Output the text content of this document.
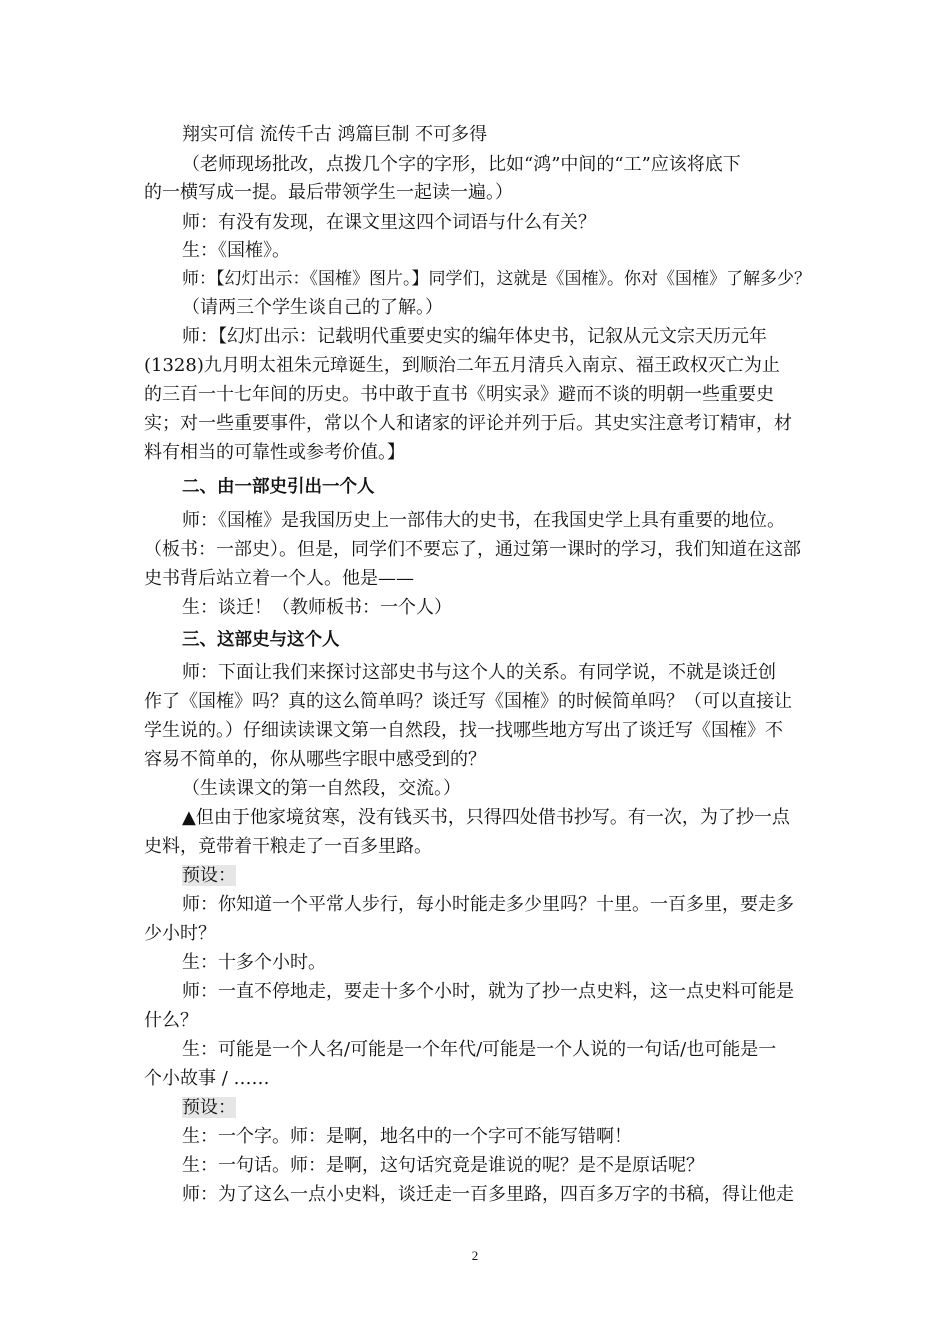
翔实可信 流传千古 鸿篇巨制 不可多得
（老师现场批改，点拨几个字的字形，比如“鸿”中间的“工”应该将底下
的一横写成一提。最后带领学生一起读一遍。）
师：有没有发现，在课文里这四个词语与什么有关？
生：《国榷》。
师：【幻灯出示：《国榷》图片。】同学们，这就是《国榷》。你对《国榷》了解多少？
（请两三个学生谈自己的了解。）
师：【幻灯出示：记载明代重要史实的编年体史书，记叙从元文宗天历元年
(1328)九月明太祖朱元璋诞生，到顺治二年五月清兵入南京、福王政权灭亡为止
的三百一十七年间的历史。书中敢于直书《明实录》避而不谈的明朝一些重要史
实；对一些重要事件，常以个人和诸家的评论并列于后。其史实注意考订精审，材
料有相当的可靠性或参考价值。】
二、由一部史引出一个人
师：《国榷》是我国历史上一部伟大的史书，在我国史学上具有重要的地位。
（板书：一部史）。但是，同学们不要忘了，通过第一课时的学习，我们知道在这部
史书背后站立着一个人。他是——
生：谈迁！（教师板书：一个人）
三、这部史与这个人
师：下面让我们来探讨这部史书与这个人的关系。有同学说，不就是谈迁创
作了《国榷》吗？真的这么简单吗？谈迁写《国榷》的时候简单吗？（可以直接让
学生说的。）仔细读读课文第一自然段，找一找哪些地方写出了谈迁写《国榷》不
容易不简单的，你从哪些字眼中感受到的？
（生读课文的第一自然段，交流。）
▲但由于他家境贫寒，没有钱买书，只得四处借书抄写。有一次，为了抄一点
史料，竟带着干粮走了一百多里路。
预设：
师：你知道一个平常人步行，每小时能走多少里吗？十里。一百多里，要走多
少小时？
生：十多个小时。
师：一直不停地走，要走十多个小时，就为了抄一点史料，这一点史料可能是
什么？
生：可能是一个人名/可能是一个年代/可能是一个人说的一句话/也可能是一
个小故事 / ……
预设：
生：一个字。师：是啊，地名中的一个字可不能写错啊！
生：一句话。师：是啊，这句话究竟是谁说的呢？是不是原话呢？
师：为了这么一点小史料，谈迁走一百多里路，四百多万字的书稿，得让他走
2
